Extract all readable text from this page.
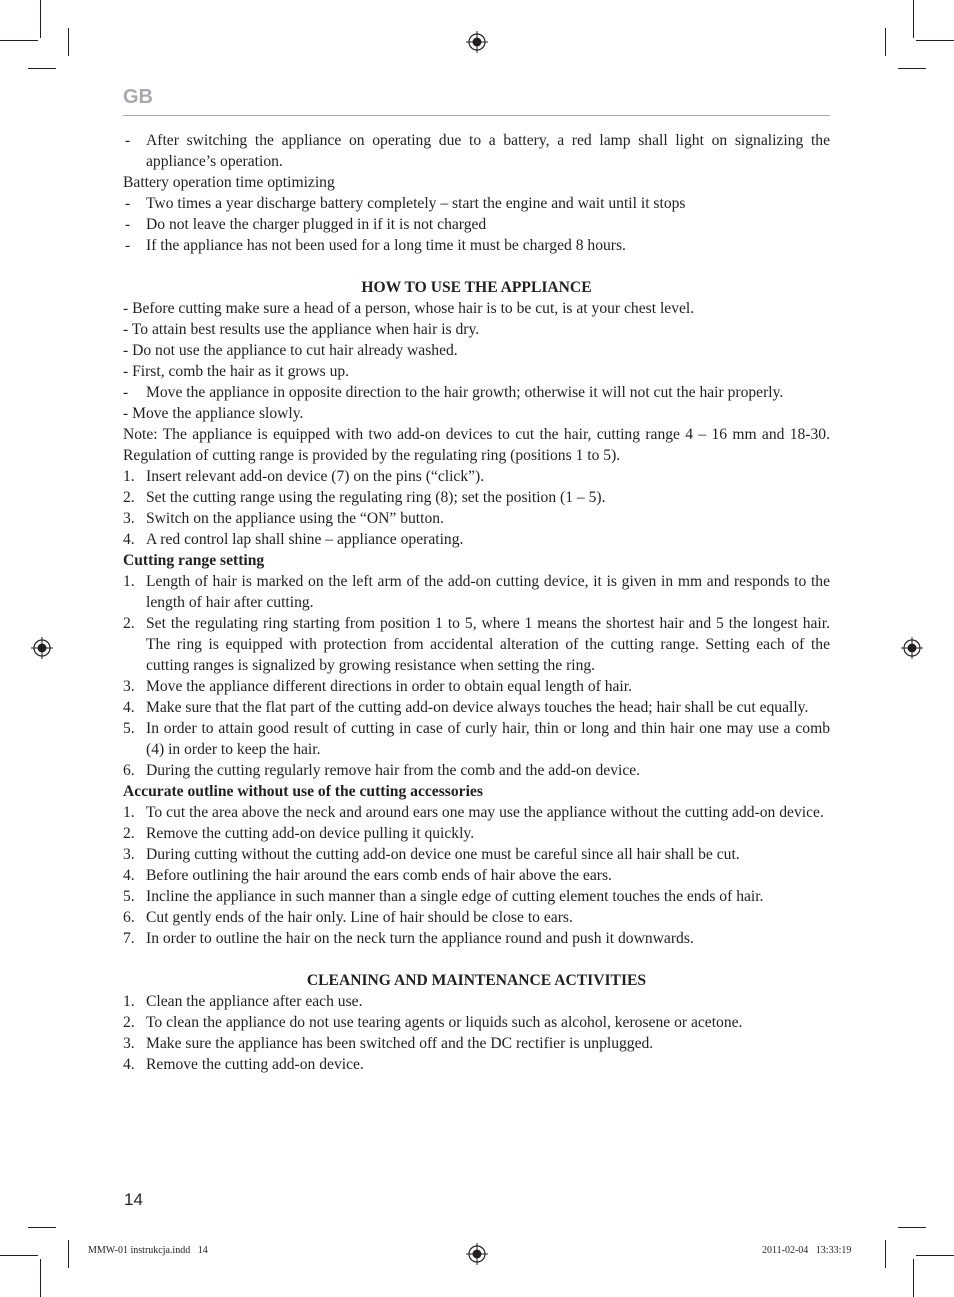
GB
- After switching the appliance on operating due to a battery, a red lamp shall light on signalizing the appliance’s operation.

Battery operation time optimizing

- Two times a year discharge battery completely – start the engine and wait until it stops
- Do not leave the charger plugged in if it is not charged
- If the appliance has not been used for a long time it must be charged 8 hours.

HOW TO USE THE APPLIANCE

- Before cutting make sure a head of a person, whose hair is to be cut, is at your chest level.

- To attain best results use the appliance when hair is dry.

- Do not use the appliance to cut hair already washed.

- First, comb the hair as it grows up.

- Move the appliance in opposite direction to the hair growth; otherwise it will not cut the hair properly.

- Move the appliance slowly.

Note: The appliance is equipped with two add-on devices to cut the hair, cutting range 4 – 16 mm and 18-30. Regulation of cutting range is provided by the regulating ring (positions 1 to 5).

1. Insert relevant add-on device (7) on the pins (“click”).
2. Set the cutting range using the regulating ring (8); set the position (1 – 5).
3. Switch on the appliance using the “ON” button.
4. A red control lap shall shine – appliance operating.

Cutting range setting

1. Length of hair is marked on the left arm of the add-on cutting device, it is given in mm and responds to the length of hair after cutting.
2. Set the regulating ring starting from position 1 to 5, where 1 means the shortest hair and 5 the longest hair. The ring is equipped with protection from accidental alteration of the cutting range. Setting each of the cutting ranges is signalized by growing resistance when setting the ring.
3. Move the appliance different directions in order to obtain equal length of hair.
4. Make sure that the flat part of the cutting add-on device always touches the head; hair shall be cut equally.
5. In order to attain good result of cutting in case of curly hair, thin or long and thin hair one may use a comb (4) in order to keep the hair.
6. During the cutting regularly remove hair from the comb and the add-on device.

Accurate outline without use of the cutting accessories

1. To cut the area above the neck and around ears one may use the appliance without the cutting add-on device.
2. Remove the cutting add-on device pulling it quickly.
3. During cutting without the cutting add-on device one must be careful since all hair shall be cut.
4. Before outlining the hair around the ears comb ends of hair above the ears.
5. Incline the appliance in such manner than a single edge of cutting element touches the ends of hair.
6. Cut gently ends of the hair only. Line of hair should be close to ears.
7. In order to outline the hair on the neck turn the appliance round and push it downwards.

CLEANING AND MAINTENANCE ACTIVITIES

1. Clean the appliance after each use.
2. To clean the appliance do not use tearing agents or liquids such as alcohol, kerosene or acetone.
3. Make sure the appliance has been switched off and the DC rectifier is unplugged.
4. Remove the cutting add-on device.
14
MMW-01 instrukcja.indd   14	2011-02-04   13:33:19
